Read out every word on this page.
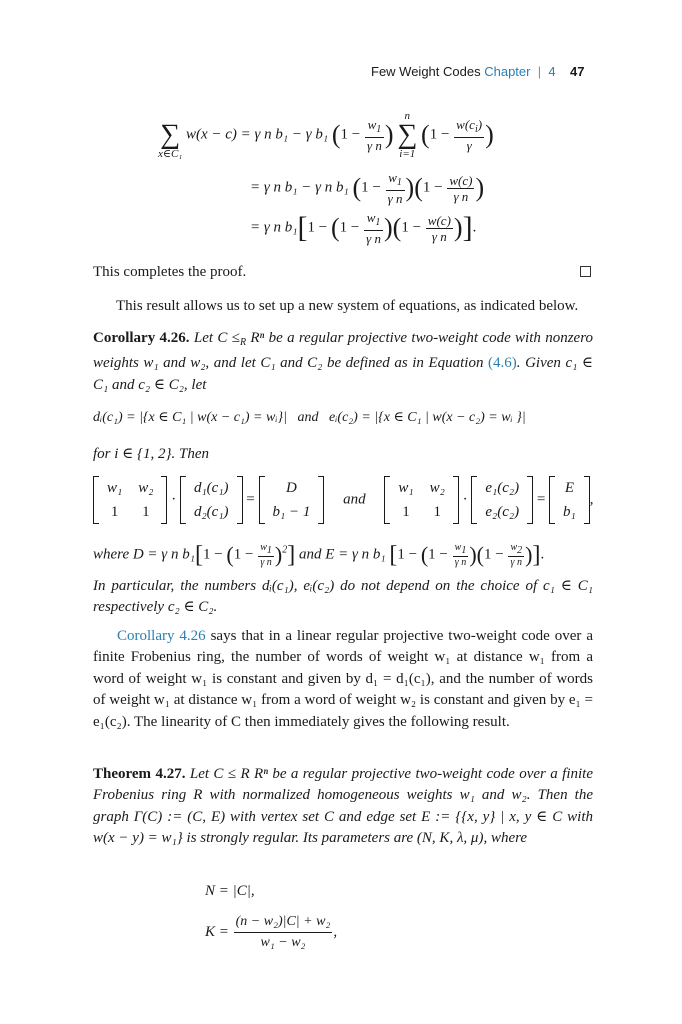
Few Weight Codes Chapter | 4 47

∑
x∈C₁
w(x − c) = γ n b₁ − γ b₁ ($1 - \frac{w_1}{\text{γ n}}$ )
n
∑
i=1
($1 - \frac{w(c_i)}{\gamma}$ )
= γ n b₁ − γ n b₁ $(1 - \frac{w_1}{\text{γ n}} )(1 - \frac{w(c)}{\text{γ n}}$ )
= γ n $b_1[1 - (1 - \frac{w_1}{\text{γ n}} )(1 - \frac{w(c)}{\text{γ n}}$ )].
This completes the proof.
This result allows us to set up a new system of equations, as indicated below.
Corollary 4.26. Let $C \le_R$ Rⁿ be a regular projective two-weight code with nonzero weights w₁ and w₂, and let C₁ and C₂ be defined as in Equation (4.6). Given c₁ ∈ C₁ and c₂ ∈ C₂, let
dᵢ(c₁) = |{x ∈ C₁ | w(x − c₁) = wᵢ}| and eᵢ(c₂) = |{x ∈ C₁ | w(x − c₂) = wᵢ }|
for i ∈ {1, 2}. Then
w₁	w₂
1	1
·
d₁(c₁)
d₂(c₁)
=
D
b₁ − 1
and
w₁	w₂
1	1
·
e₁(c₂)
e₂(c₂)
=
E
b₁
,
where D = γ n $b_1[1 - (1 - \frac{w1}{\text{γ n}} )^2]$ and E = γ n b₁ [$1 - (1 - \frac{w1}{\text{γ n}} )(1 - \frac{w2}{\text{γ n}}$ )].
In particular, the numbers dᵢ(c₁), eᵢ(c₂) do not depend on the choice of c₁ ∈ C₁ respectively c₂ ∈ C₂.
Corollary 4.26 says that in a linear regular projective two-weight code over a finite Frobenius ring, the number of words of weight w₁ at distance w₁ from a word of weight w₁ is constant and given by d₁ = d₁(c₁), and the number of words of weight w₁ at distance w₁ from a word of weight w₂ is constant and given by e₁ = e₁(c₂). The linearity of C then immediately gives the following result.
Theorem 4.27. Let C ≤ R Rⁿ be a regular projective two-weight code over a finite Frobenius ring R with normalized homogeneous weights w₁ and w₂. Then the graph Γ(C) := (C, E) with vertex set C and edge set E := {{x, y} | x, y ∈ C with w(x − y) = w₁} is strongly regular. Its parameters are (N, K, λ, μ), where
N = |C|,
$K = \frac{\text{(n − w₂)|C| + w₂}}{\text{w₁ − w₂}}$ ,
